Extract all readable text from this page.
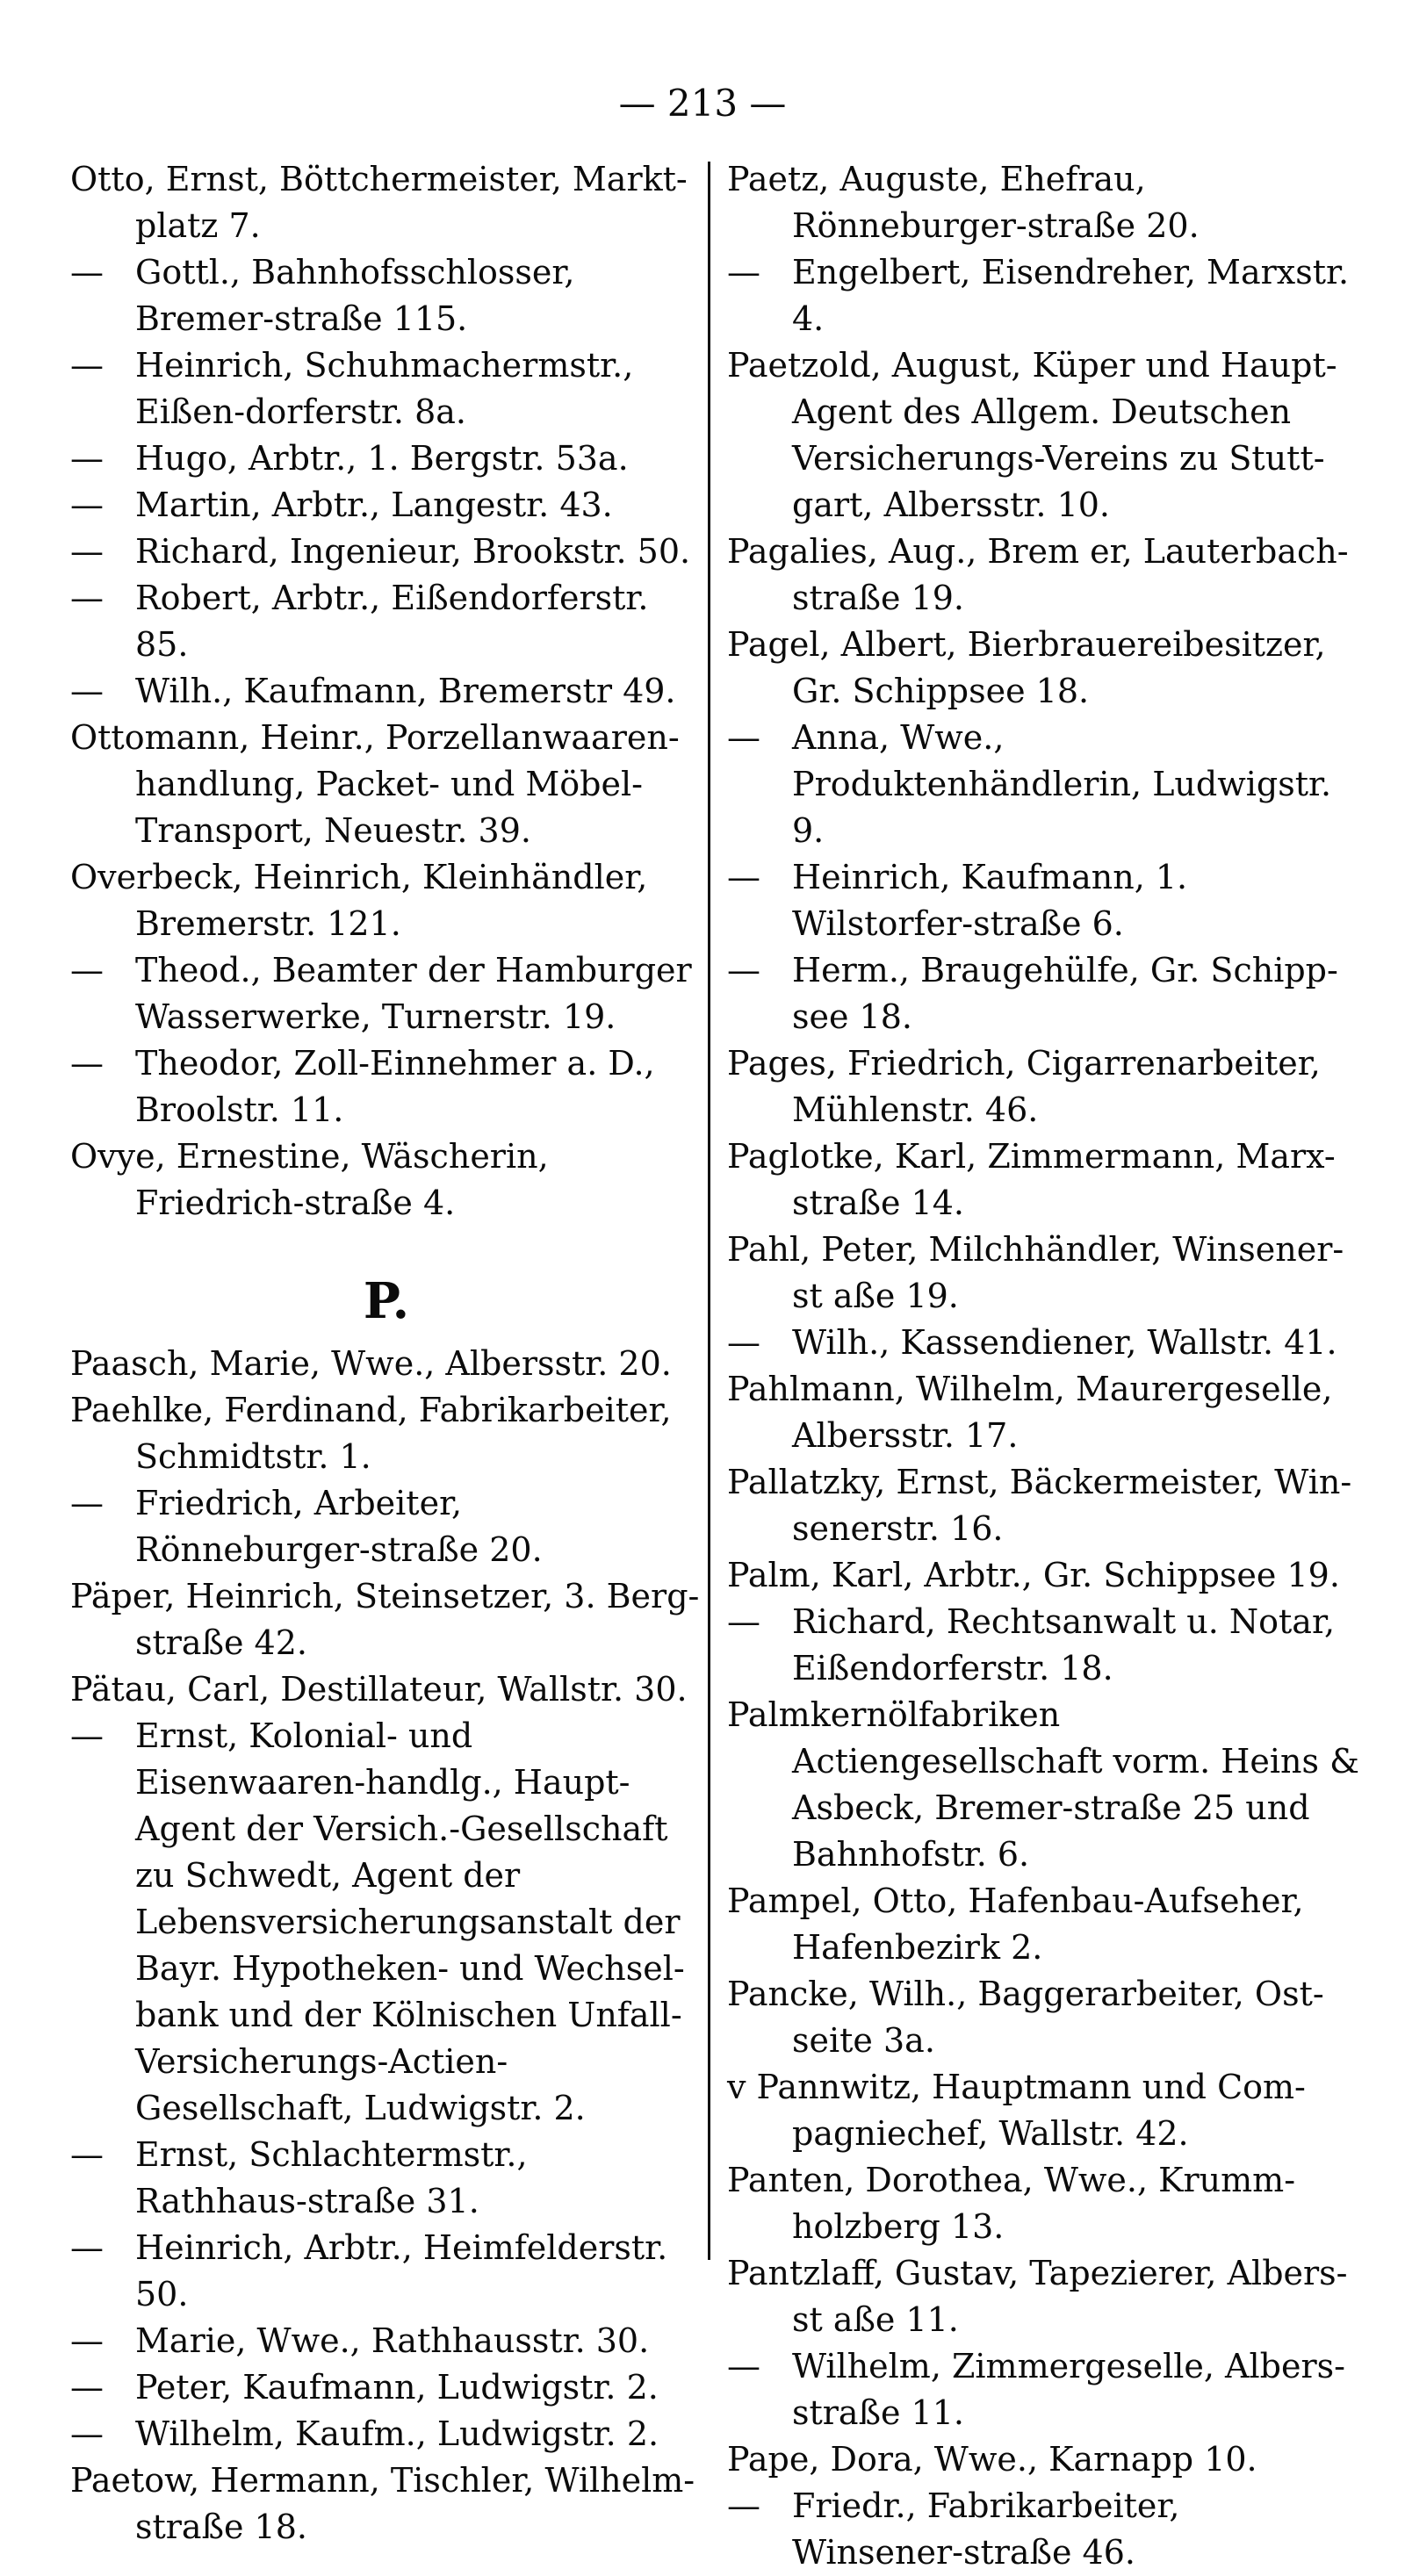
— 213 —
Otto, Ernst, Böttchermeister, Markt-platz 7.
— Gottl., Bahnhofsschlosser, Bremer-straße 115.
— Heinrich, Schuhmachermstr., Eißen-dorferstr. 8a.
— Hugo, Arbtr., 1. Bergstr. 53a.
— Martin, Arbtr., Langestr. 43.
— Richard, Ingenieur, Brookstr. 50.
— Robert, Arbtr., Eißendorferstr. 85.
— Wilh., Kaufmann, Bremerstr 49.
Ottomann, Heinr., Porzellanwaaren-handlung, Packet- und Möbel-Transport, Neuestr. 39.
Overbeck, Heinrich, Kleinhändler, Bremerstr. 121.
— Theod., Beamter der Hamburger Wasserwerke, Turnerstr. 19.
— Theodor, Zoll-Einnehmer a. D., Broolstr. 11.
Ovye, Ernestine, Wäscherin, Friedrich-straße 4.
P.
Paasch, Marie, Wwe., Albersstr. 20.
Paehlke, Ferdinand, Fabrikarbeiter, Schmidtstr. 1.
— Friedrich, Arbeiter, Rönneburger-straße 20.
Päper, Heinrich, Steinsetzer, 3. Berg-straße 42.
Pätau, Carl, Destillateur, Wallstr. 30.
— Ernst, Kolonial- und Eisenwaaren-handlg., Haupt-Agent der Versich.-Gesellschaft zu Schwedt, Agent der Lebensversicherungsanstalt der Bayr. Hypotheken- und Wechsel-bank und der Kölnischen Unfall-Versicherungs-Actien-Gesellschaft, Ludwigstr. 2.
— Ernst, Schlachtermstr., Rathhaus-straße 31.
— Heinrich, Arbtr., Heimfelderstr. 50.
— Marie, Wwe., Rathhausstr. 30.
— Peter, Kaufmann, Ludwigstr. 2.
— Wilhelm, Kaufm., Ludwigstr. 2.
Paetow, Hermann, Tischler, Wilhelm-straße 18.
Paetz, Auguste, Ehefrau, Rönneburger-straße 20.
— Engelbert, Eisendreher, Marxstr. 4.
Paetzold, August, Küper und Haupt-Agent des Allgem. Deutschen Versicherungs-Vereins zu Stutt-gart, Albersstr. 10.
Pagalies, Aug., Brem er, Lauterbach-straße 19.
Pagel, Albert, Bierbrauereibesitzer, Gr. Schippsee 18.
— Anna, Wwe., Produktenhändlerin, Ludwigstr. 9.
— Heinrich, Kaufmann, 1. Wilstorfer-straße 6.
— Herm., Braugehülfe, Gr. Schipp-see 18.
Pages, Friedrich, Cigarrenarbeiter, Mühlenstr. 46.
Paglotke, Karl, Zimmermann, Marx-straße 14.
Pahl, Peter, Milchhändler, Winsener-st aße 19.
— Wilh., Kassendiener, Wallstr. 41.
Pahlmann, Wilhelm, Maurergeselle, Albersstr. 17.
Pallatzky, Ernst, Bäckermeister, Win-senerstr. 16.
Palm, Karl, Arbtr., Gr. Schippsee 19.
— Richard, Rechtsanwalt u. Notar, Eißendorferstr. 18.
Palmkernölfabriken Actiengesellschaft vorm. Heins & Asbeck, Bremer-straße 25 und Bahnhofstr. 6.
Pampel, Otto, Hafenbau-Aufseher, Hafenbezirk 2.
Pancke, Wilh., Baggerarbeiter, Ost-seite 3a.
v Pannwitz, Hauptmann und Com-pagniechef, Wallstr. 42.
Panten, Dorothea, Wwe., Krumm-holzberg 13.
Pantzlaff, Gustav, Tapezierer, Albers-st aße 11.
— Wilhelm, Zimmergeselle, Albers-straße 11.
Pape, Dora, Wwe., Karnapp 10.
— Friedr., Fabrikarbeiter, Winsener-straße 46.
